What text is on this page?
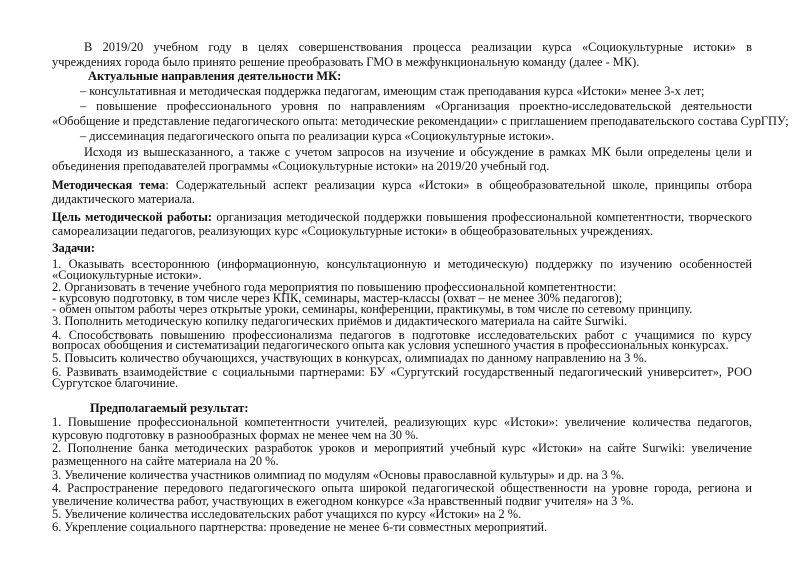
В 2019/20 учебном году в целях совершенствования процесса реализации курса «Социокультурные истоки» в
учреждениях города было принято решение преобразовать ГМО в межфункциональную команду (далее - МК).
Актуальные направления деятельности МК:
– консультативная и методическая поддержка педагогам, имеющим стаж преподавания курса «Истоки» менее 3-х лет;
– повышение профессионального уровня по направлениям «Организация проектно-исследовательской деятельности
«Обобщение и представление педагогического опыта: методические рекомендации» с приглашением преподавательского состава СурГПУ;
– диссеминация педагогического опыта по реализации курса «Социокультурные истоки».
Исходя из вышесказанного, а также с учетом запросов на изучение и обсуждение в рамках МК были определены цели и
объединения преподавателей программы «Социокультурные истоки» на 2019/20 учебный год.
Методическая тема: Содержательный аспект реализации курса «Истоки» в общеобразовательной школе, принципы отбора
дидактического материала.
Цель методической работы: организация методической поддержки повышения профессиональной компетентности, творческого
самореализации педагогов, реализующих курс «Социокультурные истоки» в общеобразовательных учреждениях.
Задачи:
1. Оказывать всестороннюю (информационную, консультационную и методическую) поддержку по изучению особенностей
«Социокультурные истоки».
2. Организовать в течение учебного года мероприятия по повышению профессиональной компетентности:
- курсовую подготовку, в том числе через КПК, семинары, мастер-классы (охват – не менее 30% педагогов);
- обмен опытом работы через открытые уроки, семинары, конференции, практикумы, в том числе по сетевому принципу.
3. Пополнить методическую копилку педагогических приёмов и дидактического материала на сайте Surwiki.
4. Способствовать повышению профессионализма педагогов в подготовке исследовательских работ с учащимися по курсу
вопросах обобщения и систематизации педагогического опыта как условия успешного участия в профессиональных конкурсах.
5. Повысить количество обучающихся, участвующих в конкурсах, олимпиадах по данному направлению на 3 %.
6. Развивать взаимодействие с социальными партнерами: БУ «Сургутский государственный педагогический университет», РОО
Сургутское благочиние.
Предполагаемый результат:
1. Повышение профессиональной компетентности учителей, реализующих курс «Истоки»: увеличение количества педагогов,
курсовую подготовку в разнообразных формах не менее чем на 30 %.
2. Пополнение банка методических разработок уроков и мероприятий учебный курс «Истоки» на сайте Surwiki: увеличение
размещенного на сайте материала на 20 %.
3. Увеличение количества участников олимпиад по модулям «Основы православной культуры» и др. на 3 %.
4. Распространение передового педагогического опыта широкой педагогической общественности на уровне города, региона и
увеличение количества работ, участвующих в ежегодном конкурсе «За нравственный подвиг учителя» на 3 %.
5. Увеличение количества исследовательских работ учащихся по курсу «Истоки» на 2 %.
6. Укрепление социального партнерства: проведение не менее 6-ти совместных мероприятий.
